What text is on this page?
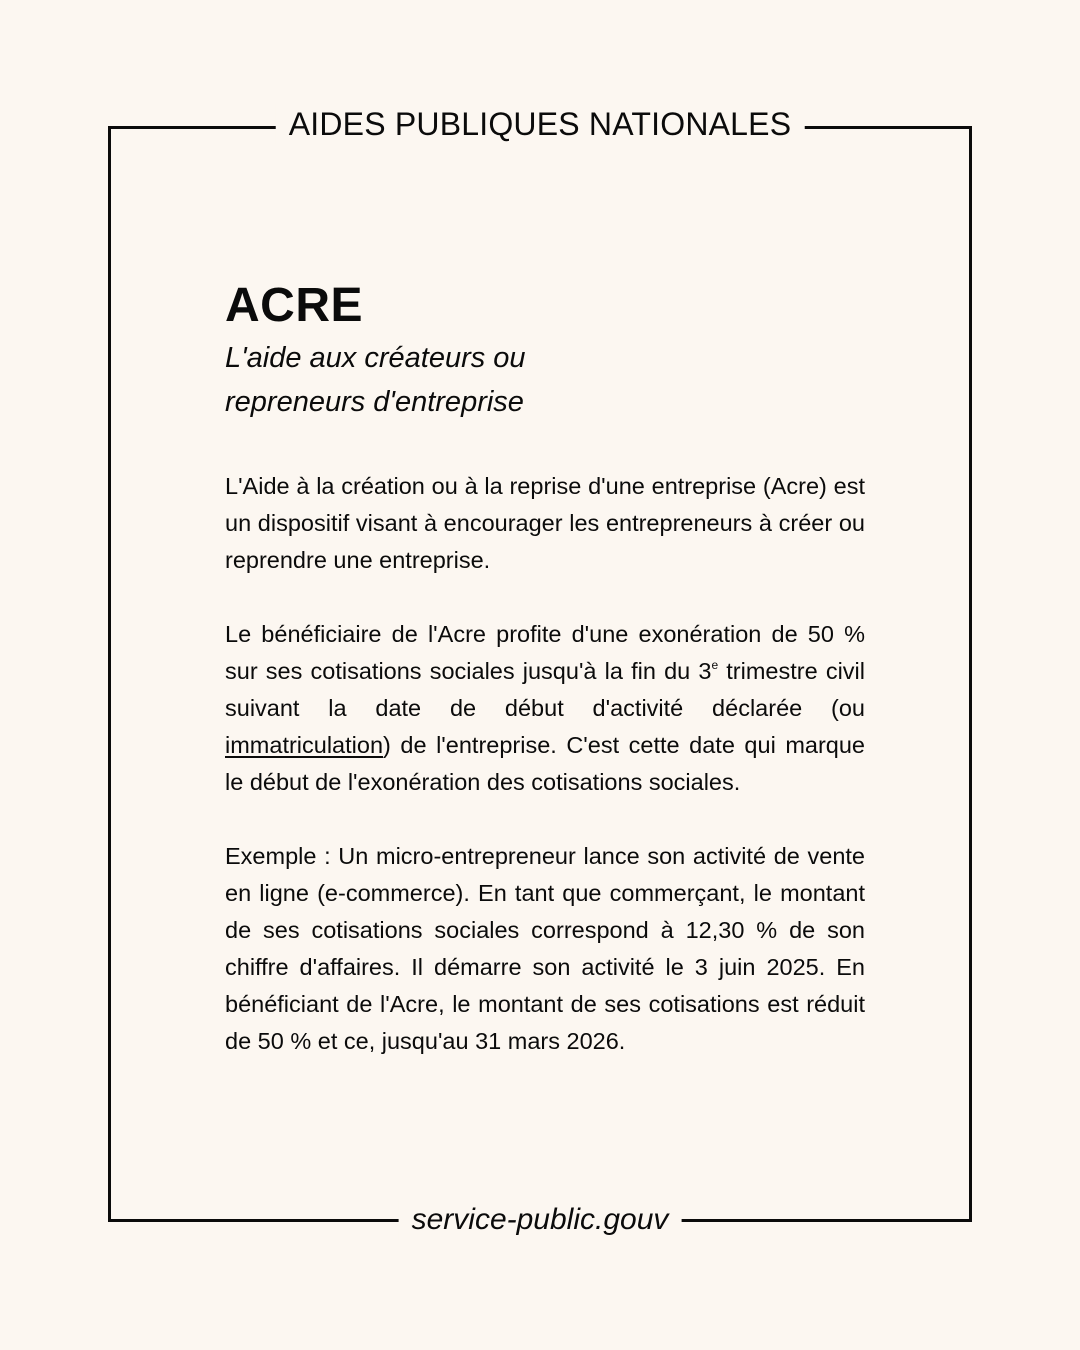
AIDES PUBLIQUES NATIONALES
ACRE
L'aide aux créateurs ou
repreneurs d'entreprise

L'Aide à la création ou à la reprise d'une entreprise (Acre) est un dispositif visant à encourager les entrepreneurs à créer ou reprendre une entreprise.

Le bénéficiaire de l'Acre profite d'une exonération de 50 % sur ses cotisations sociales jusqu'à la fin du 3e trimestre civil suivant la date de début d'activité déclarée (ou immatriculation) de l'entreprise. C'est cette date qui marque le début de l'exonération des cotisations sociales.

Exemple : Un micro-entrepreneur lance son activité de vente en ligne (e-commerce). En tant que commerçant, le montant de ses cotisations sociales correspond à 12,30 % de son chiffre d'affaires. Il démarre son activité le 3 juin 2025. En bénéficiant de l'Acre, le montant de ses cotisations est réduit de 50 % et ce, jusqu'au 31 mars 2026.

service-public.gouv
